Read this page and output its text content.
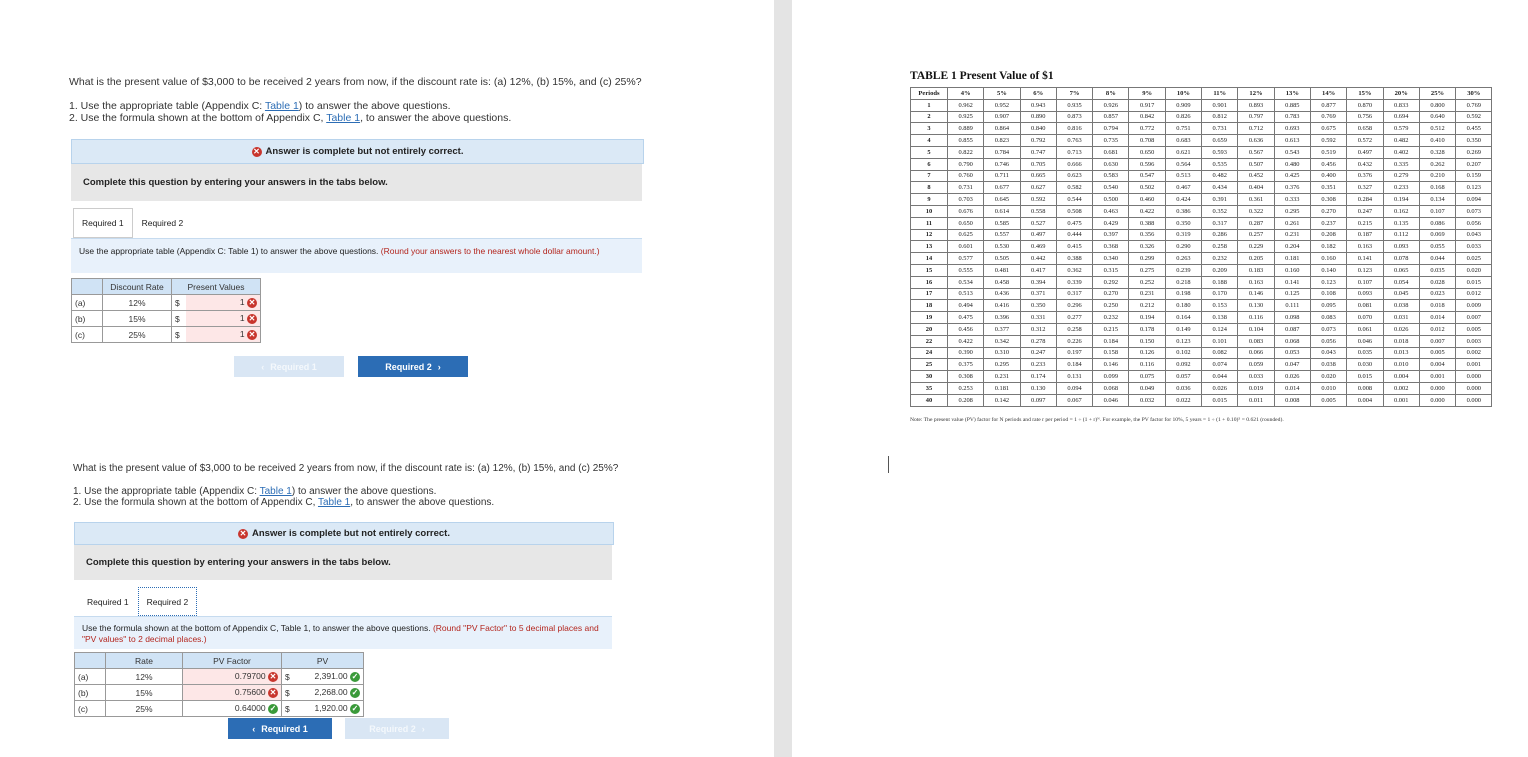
What is the present value of $3,000 to be received 2 years from now, if the discount rate is: (a) 12%, (b) 15%, and (c) 25%?
1. Use the appropriate table (Appendix C: Table 1) to answer the above questions.
2. Use the formula shown at the bottom of Appendix C, Table 1, to answer the above questions.
✕ Answer is complete but not entirely correct.
Complete this question by entering your answers in the tabs below.
Required 1	Required 2
Use the appropriate table (Appendix C: Table 1) to answer the above questions. (Round your answers to the nearest whole dollar amount.)
	Discount Rate	Present Values	
(a)	12%	$	1 ✕
(b)	15%	$	1 ✕
(c)	25%	$	1 ✕
‹ Required 1	Required 2 ›
What is the present value of $3,000 to be received 2 years from now, if the discount rate is: (a) 12%, (b) 15%, and (c) 25%?
1. Use the appropriate table (Appendix C: Table 1) to answer the above questions.
2. Use the formula shown at the bottom of Appendix C, Table 1, to answer the above questions.
✕ Answer is complete but not entirely correct.
Complete this question by entering your answers in the tabs below.
Required 1	Required 2
Use the formula shown at the bottom of Appendix C, Table 1, to answer the above questions. (Round "PV Factor" to 5 decimal places and "PV values" to 2 decimal places.)
	Rate	PV Factor	PV	
(a)	12%	0.79700 ✕	$	2,391.00 ✓
(b)	15%	0.75600 ✕	$	2,268.00 ✓
(c)	25%	0.64000 ✓	$	1,920.00 ✓
‹ Required 1	Required 2 ›
TABLE 1 Present Value of $1
Periods	4%	5%	6%	7%	8%	9%	10%	11%	12%	13%	14%	15%	20%	25%	30%
1	0.962	0.952	0.943	0.935	0.926	0.917	0.909	0.901	0.893	0.885	0.877	0.870	0.833	0.800	0.769
2	0.925	0.907	0.890	0.873	0.857	0.842	0.826	0.812	0.797	0.783	0.769	0.756	0.694	0.640	0.592
3	0.889	0.864	0.840	0.816	0.794	0.772	0.751	0.731	0.712	0.693	0.675	0.658	0.579	0.512	0.455
4	0.855	0.823	0.792	0.763	0.735	0.708	0.683	0.659	0.636	0.613	0.592	0.572	0.482	0.410	0.350
5	0.822	0.784	0.747	0.713	0.681	0.650	0.621	0.593	0.567	0.543	0.519	0.497	0.402	0.328	0.269
6	0.790	0.746	0.705	0.666	0.630	0.596	0.564	0.535	0.507	0.480	0.456	0.432	0.335	0.262	0.207
7	0.760	0.711	0.665	0.623	0.583	0.547	0.513	0.482	0.452	0.425	0.400	0.376	0.279	0.210	0.159
8	0.731	0.677	0.627	0.582	0.540	0.502	0.467	0.434	0.404	0.376	0.351	0.327	0.233	0.168	0.123
9	0.703	0.645	0.592	0.544	0.500	0.460	0.424	0.391	0.361	0.333	0.308	0.284	0.194	0.134	0.094
10	0.676	0.614	0.558	0.508	0.463	0.422	0.386	0.352	0.322	0.295	0.270	0.247	0.162	0.107	0.073
11	0.650	0.585	0.527	0.475	0.429	0.388	0.350	0.317	0.287	0.261	0.237	0.215	0.135	0.086	0.056
12	0.625	0.557	0.497	0.444	0.397	0.356	0.319	0.286	0.257	0.231	0.208	0.187	0.112	0.069	0.043
13	0.601	0.530	0.469	0.415	0.368	0.326	0.290	0.258	0.229	0.204	0.182	0.163	0.093	0.055	0.033
14	0.577	0.505	0.442	0.388	0.340	0.299	0.263	0.232	0.205	0.181	0.160	0.141	0.078	0.044	0.025
15	0.555	0.481	0.417	0.362	0.315	0.275	0.239	0.209	0.183	0.160	0.140	0.123	0.065	0.035	0.020
16	0.534	0.458	0.394	0.339	0.292	0.252	0.218	0.188	0.163	0.141	0.123	0.107	0.054	0.028	0.015
17	0.513	0.436	0.371	0.317	0.270	0.231	0.198	0.170	0.146	0.125	0.108	0.093	0.045	0.023	0.012
18	0.494	0.416	0.350	0.296	0.250	0.212	0.180	0.153	0.130	0.111	0.095	0.081	0.038	0.018	0.009
19	0.475	0.396	0.331	0.277	0.232	0.194	0.164	0.138	0.116	0.098	0.083	0.070	0.031	0.014	0.007
20	0.456	0.377	0.312	0.258	0.215	0.178	0.149	0.124	0.104	0.087	0.073	0.061	0.026	0.012	0.005
22	0.422	0.342	0.278	0.226	0.184	0.150	0.123	0.101	0.083	0.068	0.056	0.046	0.018	0.007	0.003
24	0.390	0.310	0.247	0.197	0.158	0.126	0.102	0.082	0.066	0.053	0.043	0.035	0.013	0.005	0.002
25	0.375	0.295	0.233	0.184	0.146	0.116	0.092	0.074	0.059	0.047	0.038	0.030	0.010	0.004	0.001
30	0.308	0.231	0.174	0.131	0.099	0.075	0.057	0.044	0.033	0.026	0.020	0.015	0.004	0.001	0.000
35	0.253	0.181	0.130	0.094	0.068	0.049	0.036	0.026	0.019	0.014	0.010	0.008	0.002	0.000	0.000
40	0.208	0.142	0.097	0.067	0.046	0.032	0.022	0.015	0.011	0.008	0.005	0.004	0.001	0.000	0.000
Note: The present value (PV) factor for N periods and rate r per period = 1 ÷ (1 + r)ᴺ. For example, the PV factor for 10%, 5 years = 1 ÷ (1 + 0.10)⁵ = 0.621 (rounded).
